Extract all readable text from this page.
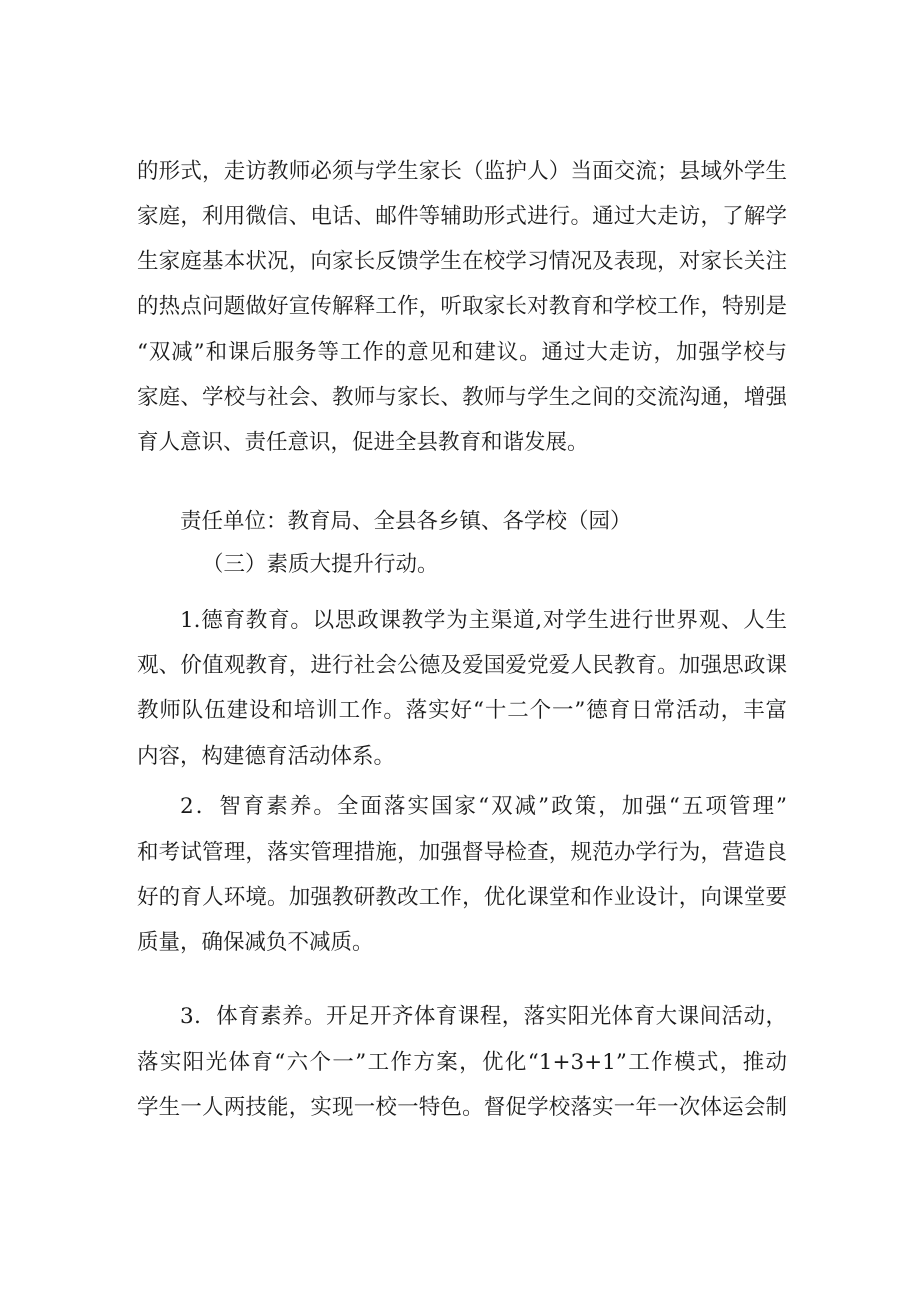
的形式，走访教师必须与学生家长（监护人）当面交流；县域外学生
家庭，利用微信、电话、邮件等辅助形式进行。通过大走访，了解学
生家庭基本状况，向家长反馈学生在校学习情况及表现，对家长关注
的热点问题做好宣传解释工作，听取家长对教育和学校工作，特别是
“双减”和课后服务等工作的意见和建议。通过大走访，加强学校与
家庭、学校与社会、教师与家长、教师与学生之间的交流沟通，增强
育人意识、责任意识，促进全县教育和谐发展。
责任单位：教育局、全县各乡镇、各学校（园）
（三）素质大提升行动。
1.德育教育。以思政课教学为主渠道,对学生进行世界观、人生
观、价值观教育，进行社会公德及爱国爱党爱人民教育。加强思政课
教师队伍建设和培训工作。落实好“十二个一”德育日常活动，丰富
内容，构建德育活动体系。
2．智育素养。全面落实国家“双减”政策，加强“五项管理”
和考试管理，落实管理措施，加强督导检查，规范办学行为，营造良
好的育人环境。加强教研教改工作，优化课堂和作业设计，向课堂要
质量，确保减负不减质。
3．体育素养。开足开齐体育课程，落实阳光体育大课间活动，
落实阳光体育“六个一”工作方案，优化“1+3+1”工作模式，推动
学生一人两技能，实现一校一特色。督促学校落实一年一次体运会制
